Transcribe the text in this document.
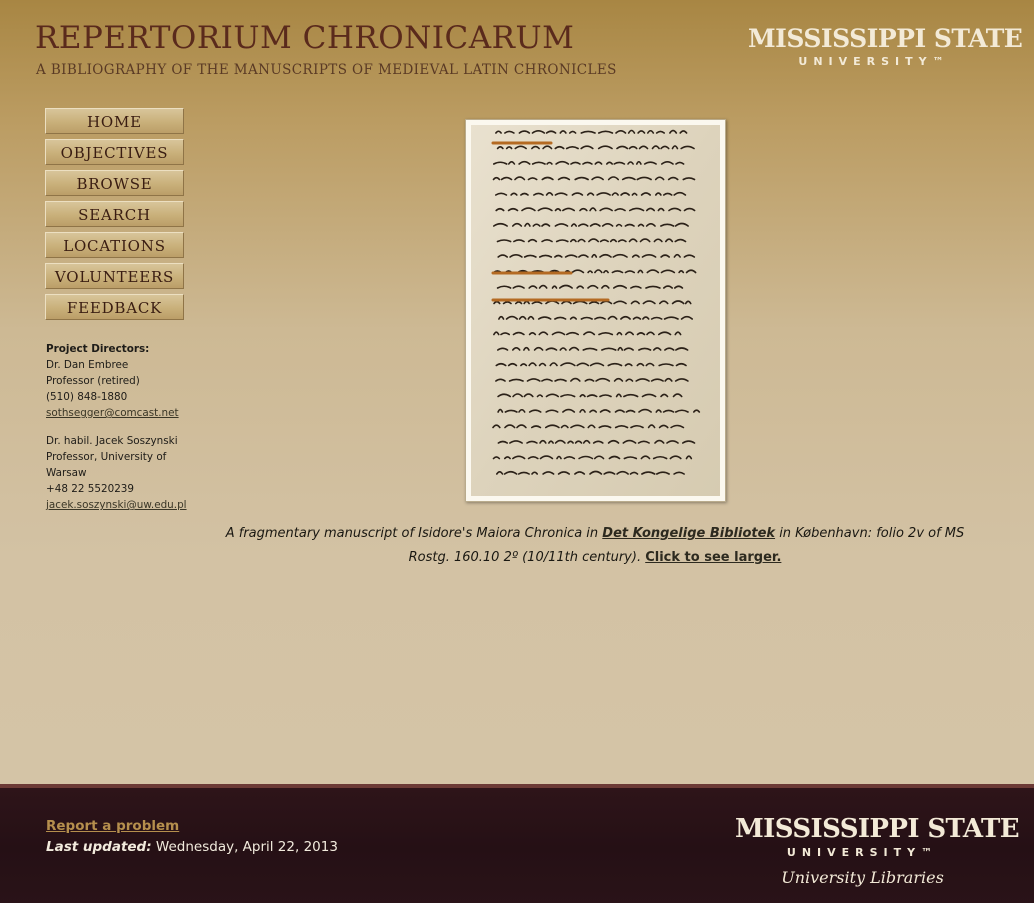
REPERTORIUM CHRONICARUM
A BIBLIOGRAPHY OF THE MANUSCRIPTS OF MEDIEVAL LATIN CHRONICLES
MISSISSIPPI STATE
UNIVERSITY™
HOME
OBJECTIVES
BROWSE
SEARCH
LOCATIONS
VOLUNTEERS
FEEDBACK
Project Directors:
Dr. Dan Embree
Professor (retired)
(510) 848-1880
sothsegger@comcast.net
Dr. habil. Jacek Soszynski
Professor, University of Warsaw
+48 22 5520239
jacek.soszynski@uw.edu.pl
A fragmentary manuscript of Isidore's Maiora Chronica in Det Kongelige Bibliotek in København: folio 2v of MS Rostg. 160.10 2º (10/11th century). Click to see larger.
Report a problem
Last updated: Wednesday, April 22, 2013
MISSISSIPPI STATE
UNIVERSITY™
University Libraries
